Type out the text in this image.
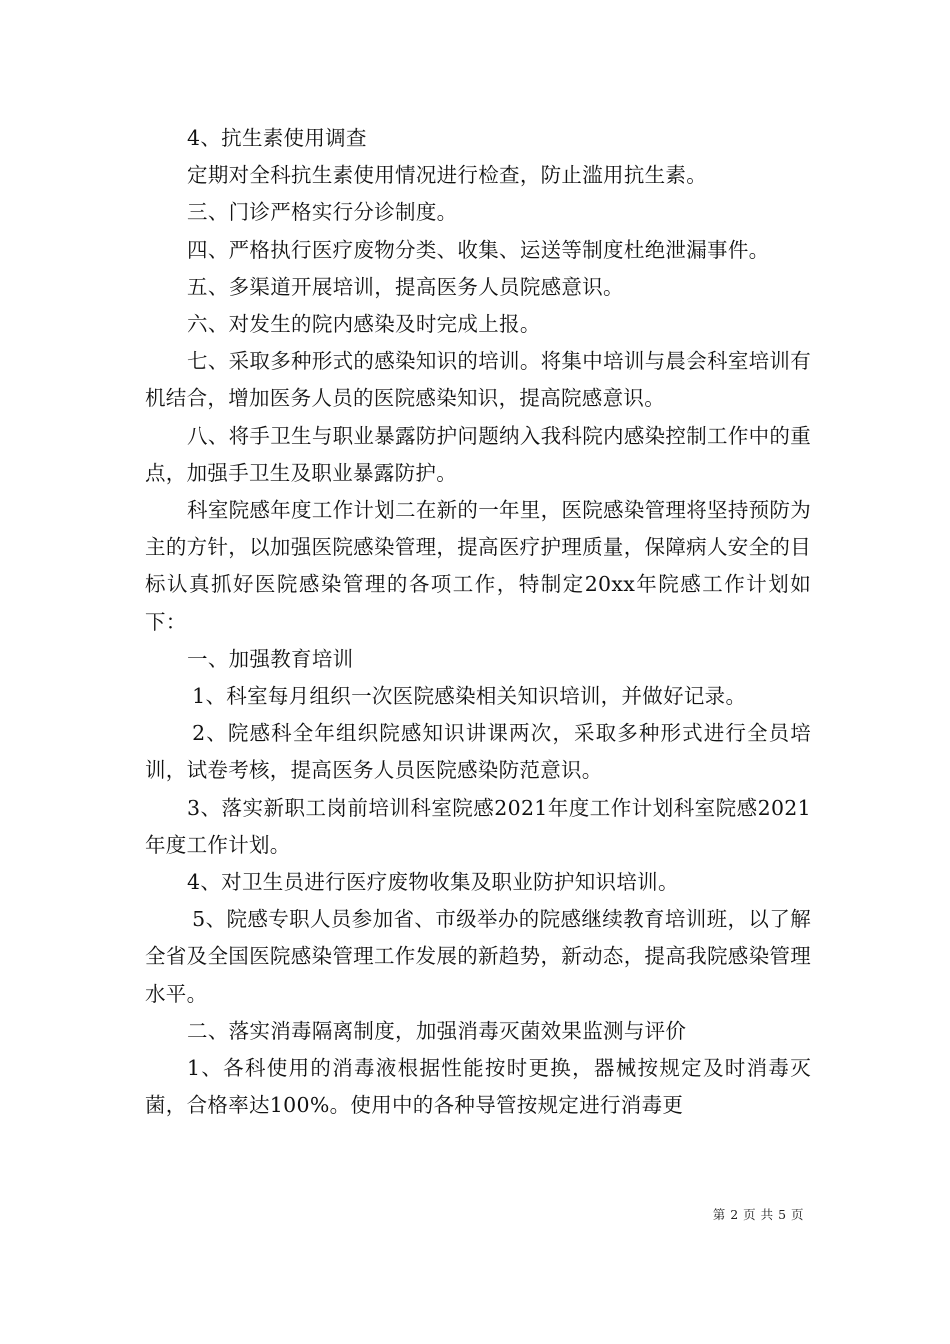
4、抗生素使用调查

定期对全科抗生素使用情况进行检查，防止滥用抗生素。

三、门诊严格实行分诊制度。

四、严格执行医疗废物分类、收集、运送等制度杜绝泄漏事件。

五、多渠道开展培训，提高医务人员院感意识。

六、对发生的院内感染及时完成上报。

七、采取多种形式的感染知识的培训。将集中培训与晨会科室培训有机结合，增加医务人员的医院感染知识，提高院感意识。

八、将手卫生与职业暴露防护问题纳入我科院内感染控制工作中的重点，加强手卫生及职业暴露防护。

科室院感年度工作计划二在新的一年里，医院感染管理将坚持预防为主的方针，以加强医院感染管理，提高医疗护理质量，保障病人安全的目标认真抓好医院感染管理的各项工作，特制定20xx年院感工作计划如下：

一、加强教育培训

1、科室每月组织一次医院感染相关知识培训，并做好记录。

2、院感科全年组织院感知识讲课两次，采取多种形式进行全员培训，试卷考核，提高医务人员医院感染防范意识。

3、落实新职工岗前培训科室院感2021年度工作计划科室院感2021年度工作计划。

4、对卫生员进行医疗废物收集及职业防护知识培训。

5、院感专职人员参加省、市级举办的院感继续教育培训班，以了解全省及全国医院感染管理工作发展的新趋势，新动态，提高我院感染管理水平。

二、落实消毒隔离制度，加强消毒灭菌效果监测与评价

1、各科使用的消毒液根据性能按时更换，器械按规定及时消毒灭菌，合格率达100%。使用中的各种导管按规定进行消毒更

第 2 页 共 5 页
